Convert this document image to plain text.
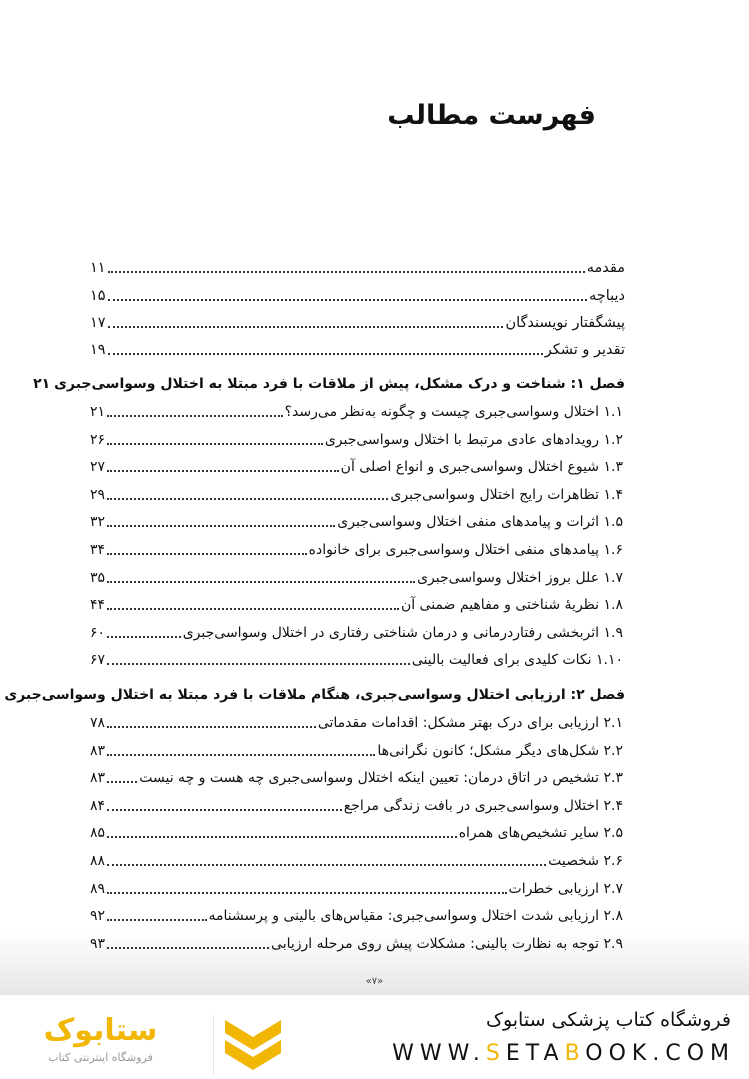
فهرست مطالب
مقدمه
۱۱
دیباچه
۱۵
پیشگفتار نویسندگان
۱۷
تقدیر و تشکر
۱۹
فصل ۱: شناخت و درک مشکل، پیش از ملاقات با فرد مبتلا به اختلال وسواسی‌جبری
۲۱
۱.۱ اختلال وسواسی‌جبری چیست و چگونه به‌نظر می‌رسد؟
۲۱
۱.۲ رویدادهای عادی مرتبط با اختلال وسواسی‌جبری
۲۶
۱.۳ شیوع اختلال وسواسی‌جبری و انواع اصلی آن
۲۷
۱.۴ تظاهرات رایج اختلال وسواسی‌جبری
۲۹
۱.۵ اثرات و پیامدهای منفی اختلال وسواسی‌جبری
۳۲
۱.۶ پیامدهای منفی اختلال وسواسی‌جبری برای خانواده
۳۴
۱.۷ علل بروز اختلال وسواسی‌جبری
۳۵
۱.۸ نظریهٔ شناختی و مفاهیم ضمنی آن
۴۴
۱.۹ اثربخشی رفتاردرمانی و درمان شناختی رفتاری در اختلال وسواسی‌جبری
۶۰
۱.۱۰ نکات کلیدی برای فعالیت بالینی
۶۷
فصل ۲: ارزیابی اختلال وسواسی‌جبری، هنگام ملاقات با فرد مبتلا به اختلال وسواسی‌جبری
۲.۱ ارزیابی برای درک بهتر مشکل: اقدامات مقدماتی
۷۸
۲.۲ شکل‌های دیگر مشکل؛ کانون نگرانی‌ها
۸۳
۲.۳ تشخیص در اتاق درمان: تعیین اینکه اختلال وسواسی‌جبری چه هست و چه نیست
۸۳
۲.۴ اختلال وسواسی‌جبری در بافت زندگی مراجع
۸۴
۲.۵ سایر تشخیص‌های همراه
۸۵
۲.۶ شخصیت
۸۸
۲.۷ ارزیابی خطرات
۸۹
۲.۸ ارزیابی شدت اختلال وسواسی‌جبری: مقیاس‌های بالینی و پرسشنامه
۹۲
۲.۹ توجه به نظارت بالینی: مشکلات پیش روی مرحله ارزیابی
۹۳
«۷»
ستابوک
فروشگاه اینترنتی کتاب
فروشگاه کتاب پزشکی ستابوک
WWW.SETABOOK.COM
